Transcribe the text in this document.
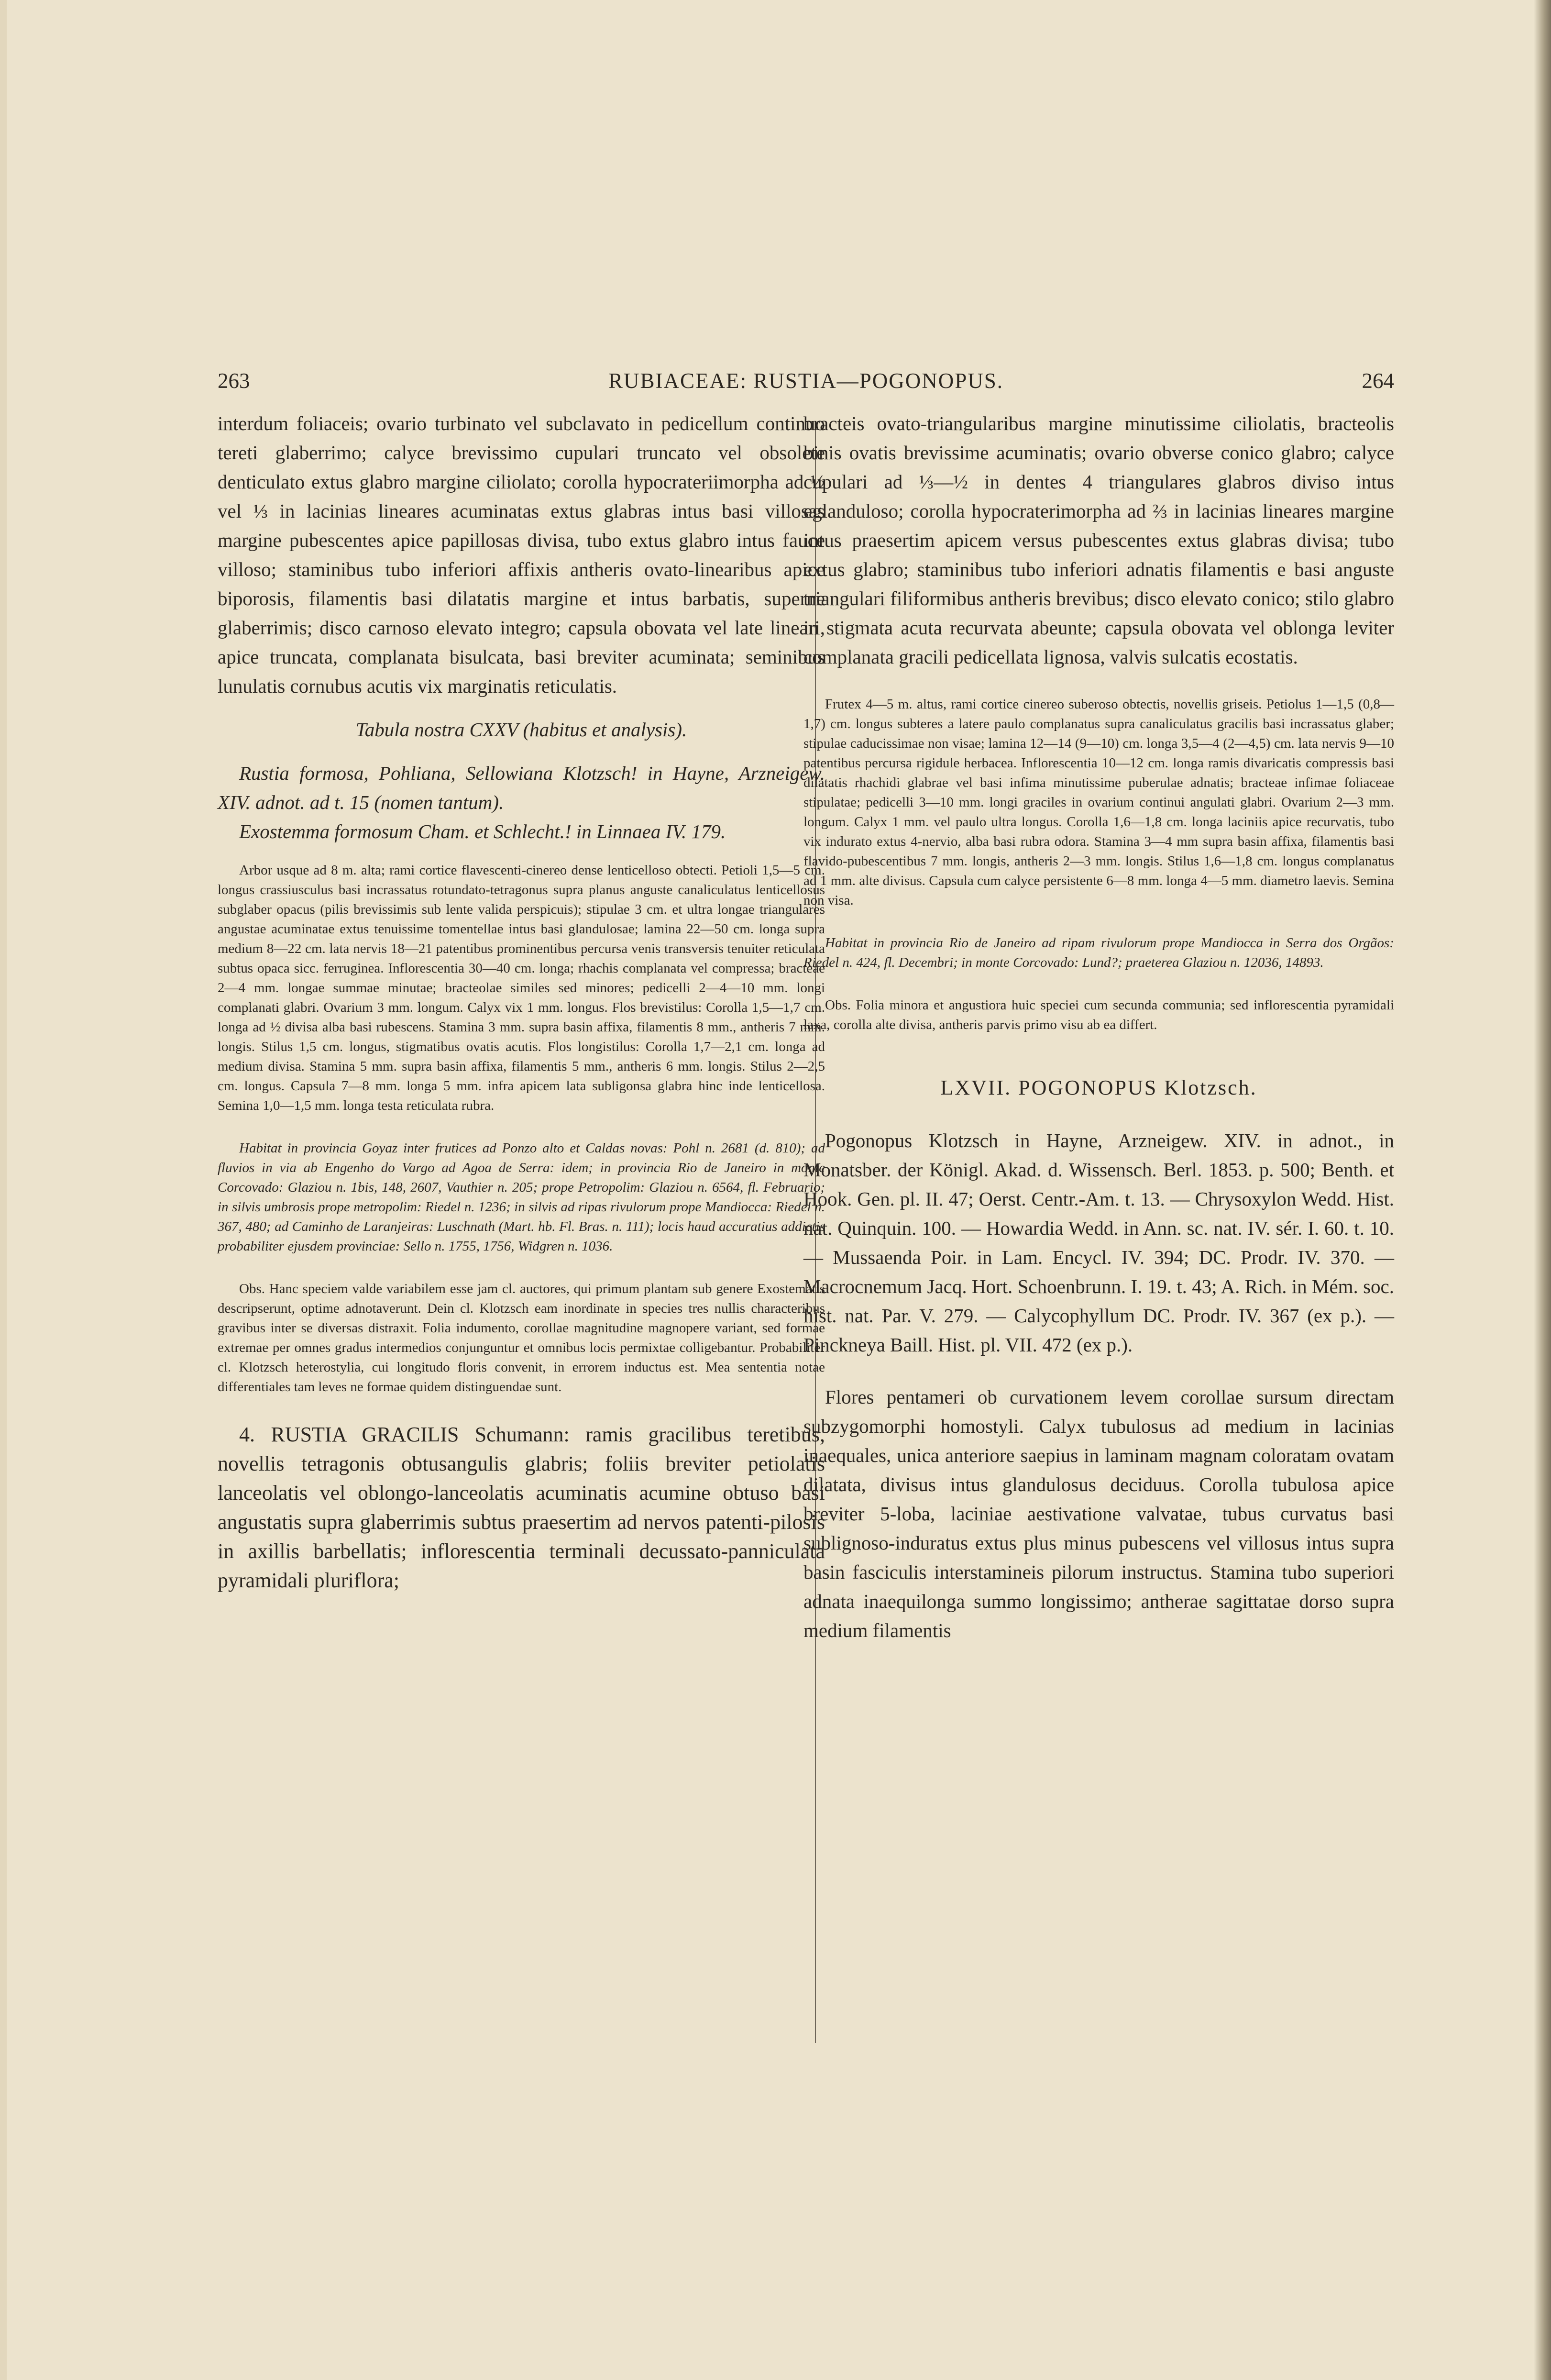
263	RUBIACEAE: RUSTIA—POGONOPUS.	264

interdum foliaceis; ovario turbinato vel subclavato in pedicellum continuo tereti glaberrimo; calyce brevissimo cupulari truncato vel obsolete denticulato extus glabro margine ciliolato; corolla hypocrateriimorpha ad ½ vel ⅓ in lacinias lineares acuminatas extus glabras intus basi villosas margine pubescentes apice papillosas divisa, tubo extus glabro intus fauce villoso; staminibus tubo inferiori affixis antheris ovato-linearibus apice biporosis, filamentis basi dilatatis margine et intus barbatis, superne glaberrimis; disco carnoso elevato integro; capsula obovata vel late lineari, apice truncata, complanata bisulcata, basi breviter acuminata; seminibus lunulatis cornubus acutis vix marginatis reticulatis.

Tabula nostra CXXV (habitus et analysis).

Rustia formosa, Pohliana, Sellowiana Klotzsch! in Hayne, Arzneigew. XIV. adnot. ad t. 15 (nomen tantum).

Exostemma formosum Cham. et Schlecht.! in Linnaea IV. 179.

Arbor usque ad 8 m. alta; rami cortice flavescenti-cinereo dense lenticelloso obtecti. Petioli 1,5—5 cm. longus crassiusculus basi incrassatus rotundato-tetragonus supra planus anguste canaliculatus lenticellosus subglaber opacus (pilis brevissimis sub lente valida perspicuis); stipulae 3 cm. et ultra longae triangulares angustae acuminatae extus tenuissime tomentellae intus basi glandulosae; lamina 22—50 cm. longa supra medium 8—22 cm. lata nervis 18—21 patentibus prominentibus percursa venis transversis tenuiter reticulata subtus opaca sicc. ferruginea. Inflorescentia 30—40 cm. longa; rhachis complanata vel compressa; bracteae 2—4 mm. longae summae minutae; bracteolae similes sed minores; pedicelli 2—4—10 mm. longi complanati glabri. Ovarium 3 mm. longum. Calyx vix 1 mm. longus. Flos brevistilus: Corolla 1,5—1,7 cm. longa ad ½ divisa alba basi rubescens. Stamina 3 mm. supra basin affixa, filamentis 8 mm., antheris 7 mm. longis. Stilus 1,5 cm. longus, stigmatibus ovatis acutis. Flos longistilus: Corolla 1,7—2,1 cm. longa ad medium divisa. Stamina 5 mm. supra basin affixa, filamentis 5 mm., antheris 6 mm. longis. Stilus 2—2,5 cm. longus. Capsula 7—8 mm. longa 5 mm. infra apicem lata subligonsa glabra hinc inde lenticellosa. Semina 1,0—1,5 mm. longa testa reticulata rubra.

Habitat in provincia Goyaz inter frutices ad Ponzo alto et Caldas novas: Pohl n. 2681 (d. 810); ad fluvios in via ab Engenho do Vargo ad Agoa de Serra: idem; in provincia Rio de Janeiro in monte Corcovado: Glaziou n. 1bis, 148, 2607, Vauthier n. 205; prope Petropolim: Glaziou n. 6564, fl. Februario; in silvis umbrosis prope metropolim: Riedel n. 1236; in silvis ad ripas rivulorum prope Mandiocca: Riedel n. 367, 480; ad Caminho de Laranjeiras: Luschnath (Mart. hb. Fl. Bras. n. 111); locis haud accuratius addictis probabiliter ejusdem provinciae: Sello n. 1755, 1756, Widgren n. 1036.

Obs. Hanc speciem valde variabilem esse jam cl. auctores, qui primum plantam sub genere Exostematis descripserunt, optime adnotaverunt. Dein cl. Klotzsch eam inordinate in species tres nullis characteribus gravibus inter se diversas distraxit. Folia indumento, corollae magnitudine magnopere variant, sed formae extremae per omnes gradus intermedios conjunguntur et omnibus locis permixtae colligebantur. Probabiliter cl. Klotzsch heterostylia, cui longitudo floris convenit, in errorem inductus est. Mea sententia notae differentiales tam leves ne formae quidem distinguendae sunt.

4. RUSTIA GRACILIS Schumann: ramis gracilibus teretibus, novellis tetragonis obtusangulis glabris; foliis breviter petiolatis lanceolatis vel oblongo-lanceolatis acuminatis acumine obtuso basi angustatis supra glaberrimis subtus praesertim ad nervos patenti-pilosis in axillis barbellatis; inflorescentia terminali decussato-panniculata pyramidali pluriflora;

bracteis ovato-triangularibus margine minutissime ciliolatis, bracteolis binis ovatis brevissime acuminatis; ovario obverse conico glabro; calyce cupulari ad ⅓—½ in dentes 4 triangulares glabros diviso intus eglanduloso; corolla hypocraterimorpha ad ⅔ in lacinias lineares margine intus praesertim apicem versus pubescentes extus glabras divisa; tubo extus glabro; staminibus tubo inferiori adnatis filamentis e basi anguste triangulari filiformibus antheris brevibus; disco elevato conico; stilo glabro in stigmata acuta recurvata abeunte; capsula obovata vel oblonga leviter complanata gracili pedicellata lignosa, valvis sulcatis ecostatis.

Frutex 4—5 m. altus, rami cortice cinereo suberoso obtectis, novellis griseis. Petiolus 1—1,5 (0,8—1,7) cm. longus subteres a latere paulo complanatus supra canaliculatus gracilis basi incrassatus glaber; stipulae caducissimae non visae; lamina 12—14 (9—10) cm. longa 3,5—4 (2—4,5) cm. lata nervis 9—10 patentibus percursa rigidule herbacea. Inflorescentia 10—12 cm. longa ramis divaricatis compressis basi dilatatis rhachidi glabrae vel basi infima minutissime puberulae adnatis; bracteae infimae foliaceae stipulatae; pedicelli 3—10 mm. longi graciles in ovarium continui angulati glabri. Ovarium 2—3 mm. longum. Calyx 1 mm. vel paulo ultra longus. Corolla 1,6—1,8 cm. longa laciniis apice recurvatis, tubo vix indurato extus 4-nervio, alba basi rubra odora. Stamina 3—4 mm supra basin affixa, filamentis basi flavido-pubescentibus 7 mm. longis, antheris 2—3 mm. longis. Stilus 1,6—1,8 cm. longus complanatus ad 1 mm. alte divisus. Capsula cum calyce persistente 6—8 mm. longa 4—5 mm. diametro laevis. Semina non visa.

Habitat in provincia Rio de Janeiro ad ripam rivulorum prope Mandiocca in Serra dos Orgãos: Riedel n. 424, fl. Decembri; in monte Corcovado: Lund?; praeterea Glaziou n. 12036, 14893.

Obs. Folia minora et angustiora huic speciei cum secunda communia; sed inflorescentia pyramidali laxa, corolla alte divisa, antheris parvis primo visu ab ea differt.

LXVII. POGONOPUS Klotzsch.

Pogonopus Klotzsch in Hayne, Arzneigew. XIV. in adnot., in Monatsber. der Königl. Akad. d. Wissensch. Berl. 1853. p. 500; Benth. et Hook. Gen. pl. II. 47; Oerst. Centr.-Am. t. 13. — Chrysoxylon Wedd. Hist. nat. Quinquin. 100. — Howardia Wedd. in Ann. sc. nat. IV. sér. I. 60. t. 10. — Mussaenda Poir. in Lam. Encycl. IV. 394; DC. Prodr. IV. 370. — Macrocnemum Jacq. Hort. Schoenbrunn. I. 19. t. 43; A. Rich. in Mém. soc. hist. nat. Par. V. 279. — Calycophyllum DC. Prodr. IV. 367 (ex p.). — Pinckneya Baill. Hist. pl. VII. 472 (ex p.).

Flores pentameri ob curvationem levem corollae sursum directam subzygomorphi homostyli. Calyx tubulosus ad medium in lacinias inaequales, unica anteriore saepius in laminam magnam coloratam ovatam dilatata, divisus intus glandulosus deciduus. Corolla tubulosa apice breviter 5-loba, laciniae aestivatione valvatae, tubus curvatus basi sublignoso-induratus extus plus minus pubescens vel villosus intus supra basin fasciculis interstamineis pilorum instructus. Stamina tubo superiori adnata inaequilonga summo longissimo; antherae sagittatae dorso supra medium filamentis
